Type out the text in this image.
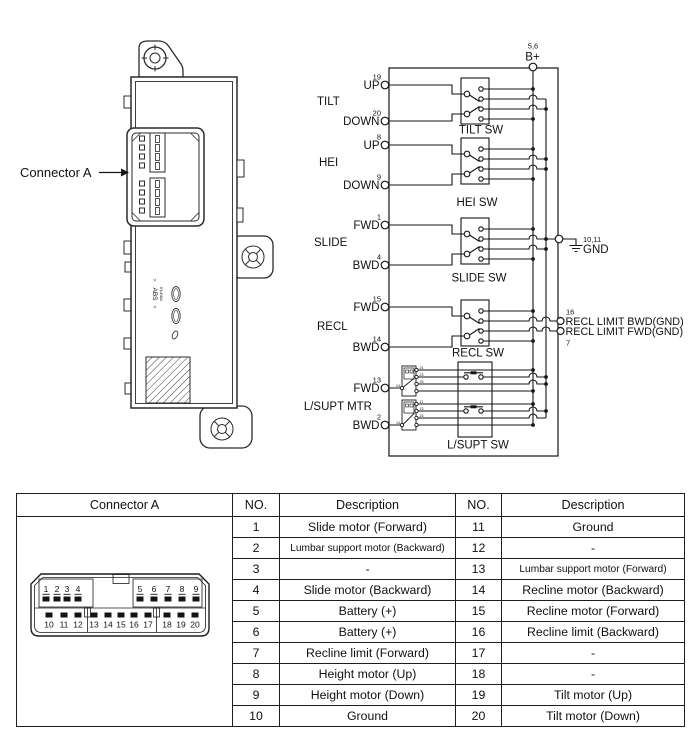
>
ABS
<
HYUNDAI
Connector A
5,6
B+
TILT
19
UP
20
DOWN
TILT SW
HEI
8
UP
9
DOWN
HEI SW
SLIDE
1
FWD
4
BWD
SLIDE SW
10,11
GND
RECL
15
FWD
14
BWD	RECL SW
16
RECL LIMIT BWD(GND)
RECL LIMIT FWD(GND)
7
L/SUPT MTR
13
FWD
2
BWD
L/SUPT SW
21
23
25
24
11
13
15
14
Connector A	NO.	Description	NO.	Description

1 2 3 4	5 6 7 8 9
10 11 12 13 14 15 16 17 18 19 20
	1	Slide motor (Forward)	11	Ground
	2	Lumbar support motor (Backward)	12	-
	3	-	13	Lumbar support motor (Forward)
	4	Slide motor (Backward)	14	Recline motor (Backward)
	5	Battery (+)	15	Recline motor (Forward)
	6	Battery (+)	16	Recline limit (Backward)
	7	Recline limit (Forward)	17	-
	8	Height motor (Up)	18	-
	9	Height motor (Down)	19	Tilt motor (Up)
	10	Ground	20	Tilt motor (Down)
